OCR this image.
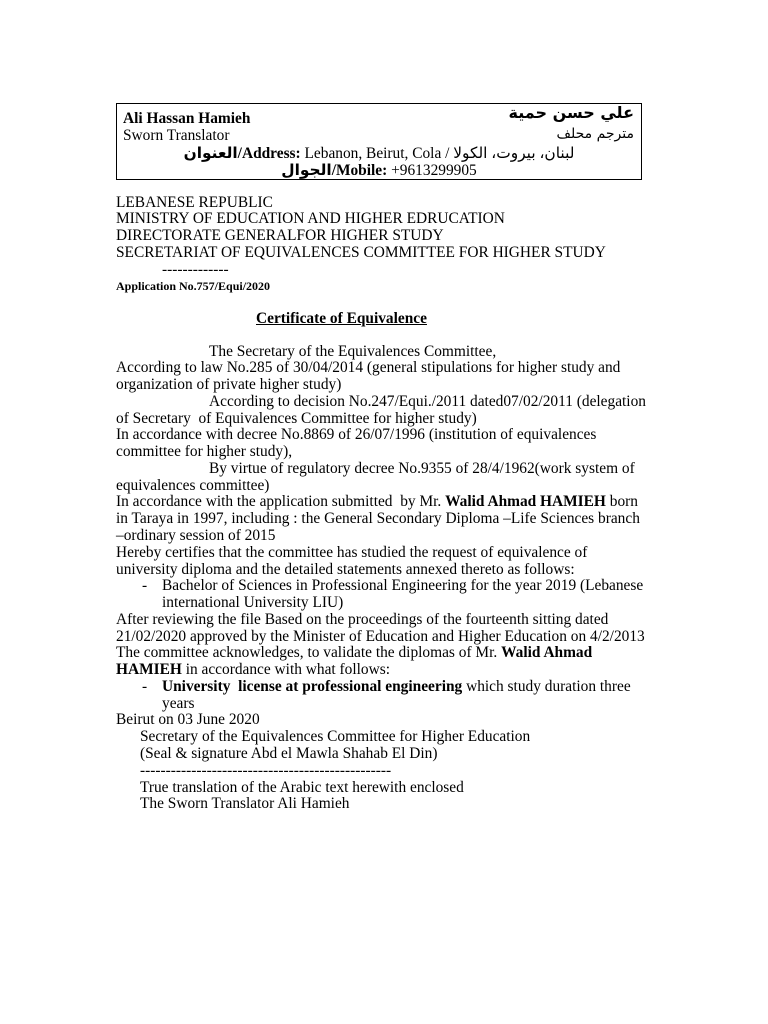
Ali Hassan Hamieh	علي حسن حمية
Sworn Translator	مترجم محلف
العنوان/Address: Lebanon, Beirut, Cola / لبنان، بيروت، الكولا
الجوال/Mobile: +9613299905
LEBANESE REPUBLIC
MINISTRY OF EDUCATION AND HIGHER EDRUCATION
DIRECTORATE GENERALFOR HIGHER STUDY
SECRETARIAT OF EQUIVALENCES COMMITTEE FOR HIGHER STUDY
-------------
Application No.757/Equi/2020
Certificate of Equivalence
The Secretary of the Equivalences Committee,
According to law No.285 of 30/04/2014 (general stipulations for higher study and
organization of private higher study)
According to decision No.247/Equi./2011 dated07/02/2011 (delegation
of Secretary  of Equivalences Committee for higher study)
In accordance with decree No.8869 of 26/07/1996 (institution of equivalences
committee for higher study),
By virtue of regulatory decree No.9355 of 28/4/1962(work system of
equivalences committee)
In accordance with the application submitted  by Mr. Walid Ahmad HAMIEH born
in Taraya in 1997, including : the General Secondary Diploma –Life Sciences branch
–ordinary session of 2015
Hereby certifies that the committee has studied the request of equivalence of
university diploma and the detailed statements annexed thereto as follows:
- Bachelor of Sciences in Professional Engineering for the year 2019 (Lebanese
international University LIU)
After reviewing the file Based on the proceedings of the fourteenth sitting dated
21/02/2020 approved by the Minister of Education and Higher Education on 4/2/2013
The committee acknowledges, to validate the diplomas of Mr. Walid Ahmad
HAMIEH in accordance with what follows:
- University  license at professional engineering which study duration three
years
Beirut on 03 June 2020
Secretary of the Equivalences Committee for Higher Education
(Seal & signature Abd el Mawla Shahab El Din)
-------------------------------------------------
True translation of the Arabic text herewith enclosed
The Sworn Translator Ali Hamieh
